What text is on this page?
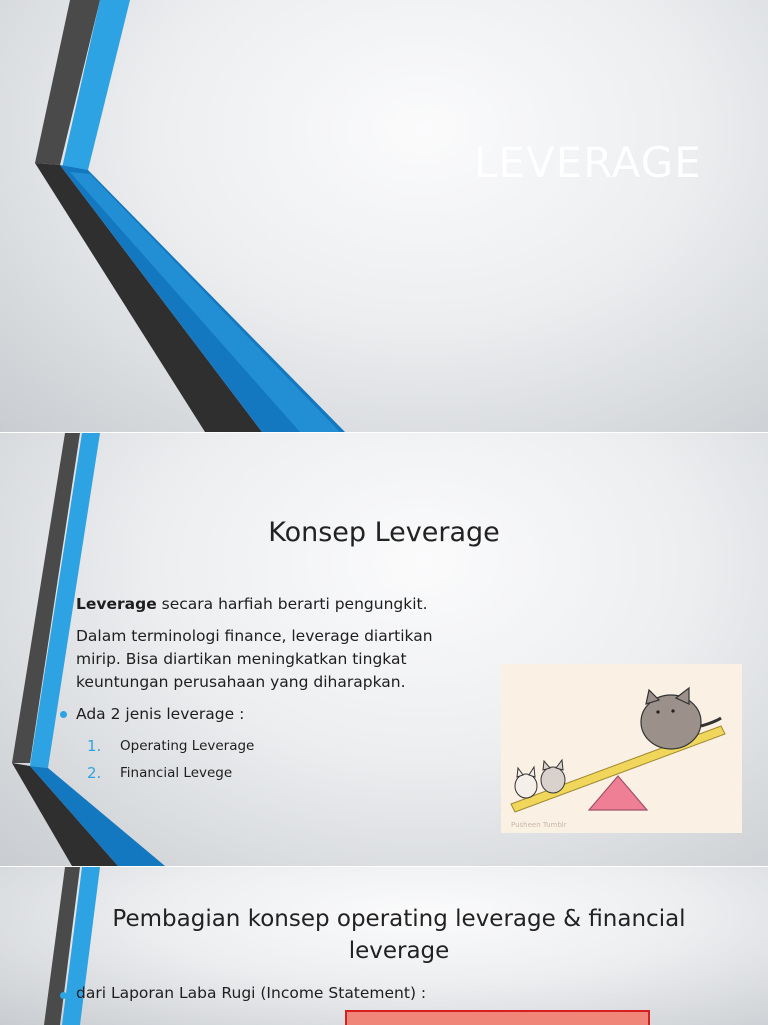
LEVERAGE
Konsep Leverage
Leverage secara harfiah berarti pengungkit.
Dalam terminologi finance, leverage diartikan mirip. Bisa diartikan meningkatkan tingkat keuntungan perusahaan yang diharapkan.
Ada 2 jenis leverage :
1. Operating Leverage
2. Financial Levege
Pusheen Tumblr
Pembagian konsep operating leverage & financial leverage
dari Laporan Laba Rugi (Income Statement) :
